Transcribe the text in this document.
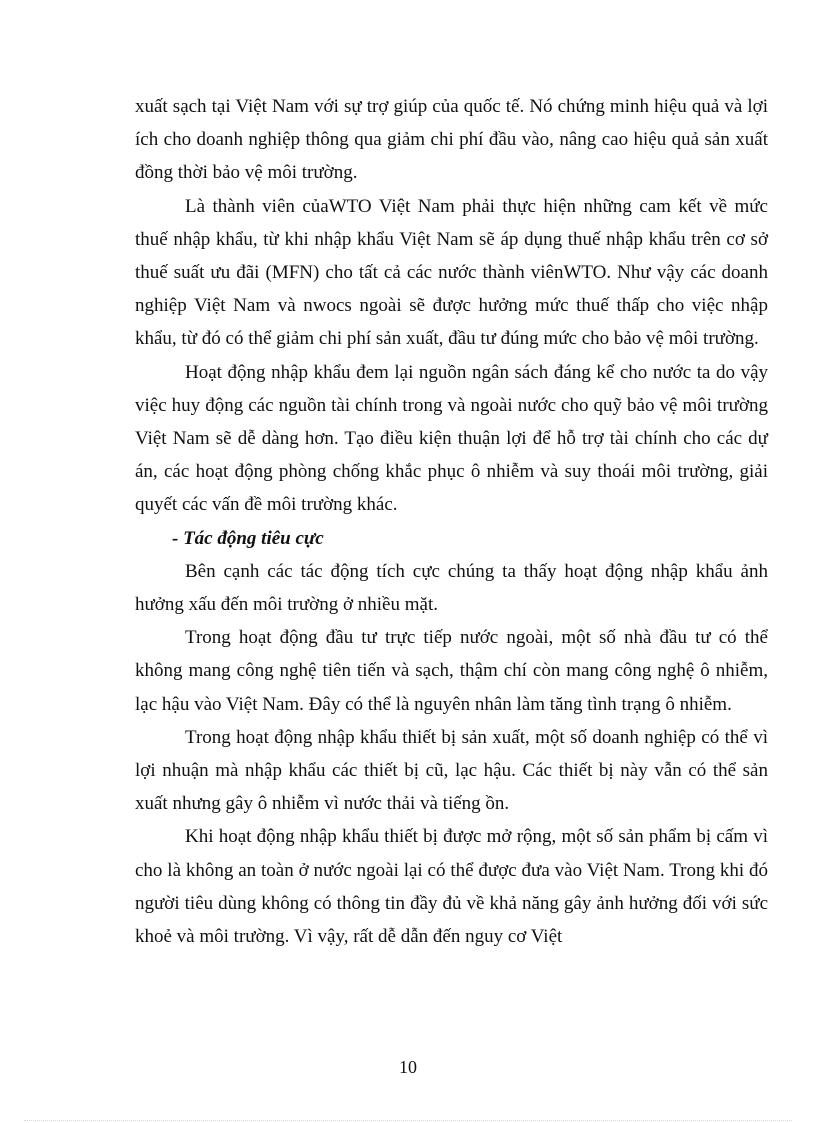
xuất sạch tại Việt Nam với sự trợ giúp của quốc tế. Nó chứng minh hiệu quả và lợi ích cho doanh nghiệp thông qua giảm chi phí đầu vào, nâng cao hiệu quả sản xuất đồng thời bảo vệ môi trường.

Là thành viên củaWTO Việt Nam phải thực hiện những cam kết về mức thuế nhập khẩu, từ khi nhập khẩu Việt Nam sẽ áp dụng thuế nhập khẩu trên cơ sở thuế suất ưu đãi (MFN) cho tất cả các nước thành viênWTO. Như vậy các doanh nghiệp Việt Nam và nwocs ngoài sẽ được hưởng mức thuế thấp cho việc nhập khẩu, từ đó có thể giảm chi phí sản xuất, đầu tư đúng mức cho bảo vệ môi trường.

Hoạt động nhập khẩu đem lại nguồn ngân sách đáng kể cho nước ta do vậy việc huy động các nguồn tài chính trong và ngoài nước cho quỹ bảo vệ môi trường Việt Nam sẽ dễ dàng hơn. Tạo điều kiện thuận lợi để hỗ trợ tài chính cho các dự án, các hoạt động phòng chống khắc phục ô nhiễm và suy thoái môi trường, giải quyết các vấn đề môi trường khác.

- Tác động tiêu cực

Bên cạnh các tác động tích cực chúng ta thấy hoạt động nhập khẩu ảnh hưởng xấu đến môi trường ở nhiều mặt.

Trong hoạt động đầu tư trực tiếp nước ngoài, một số nhà đầu tư có thể không mang công nghệ tiên tiến và sạch, thậm chí còn mang công nghệ ô nhiễm, lạc hậu vào Việt Nam. Đây có thể là nguyên nhân làm tăng tình trạng ô nhiễm.

Trong hoạt động nhập khẩu thiết bị sản xuất, một số doanh nghiệp có thể vì lợi nhuận mà nhập khẩu các thiết bị cũ, lạc hậu. Các thiết bị này vẫn có thể sản xuất nhưng gây ô nhiễm vì nước thải và tiếng ồn.

Khi hoạt động nhập khẩu thiết bị được mở rộng, một số sản phẩm bị cấm vì cho là không an toàn ở nước ngoài lại có thể được đưa vào Việt Nam. Trong khi đó người tiêu dùng không có thông tin đầy đủ về khả năng gây ảnh hưởng đối với sức khoẻ và môi trường. Vì vậy, rất dễ dẫn đến nguy cơ Việt

10
